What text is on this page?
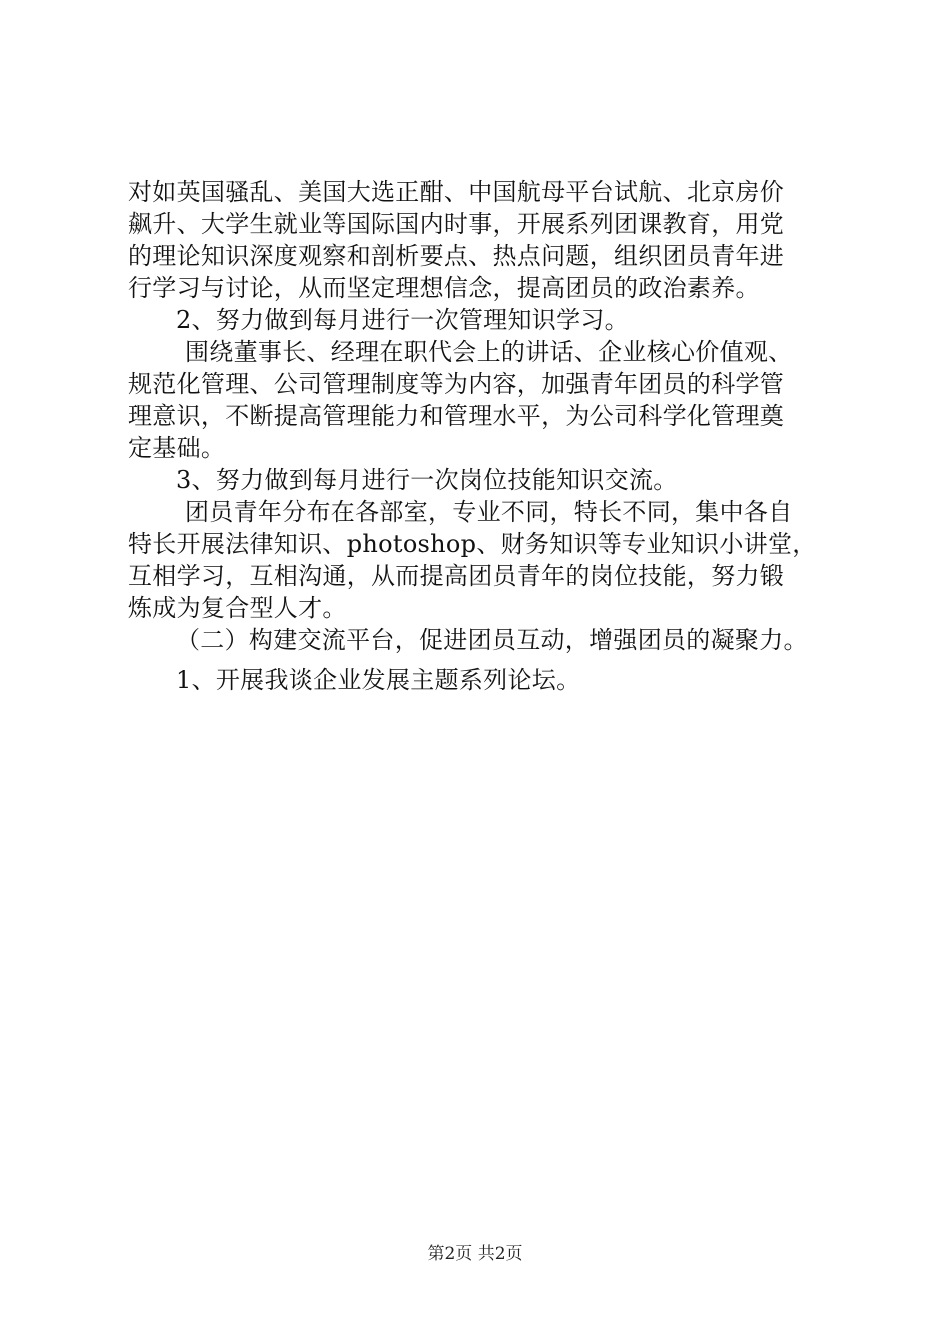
对如英国骚乱、美国大选正酣、中国航母平台试航、北京房价
飙升、大学生就业等国际国内时事，开展系列团课教育，用党
的理论知识深度观察和剖析要点、热点问题，组织团员青年进
行学习与讨论，从而坚定理想信念，提高团员的政治素养。
2、努力做到每月进行一次管理知识学习。
围绕董事长、经理在职代会上的讲话、企业核心价值观、
规范化管理、公司管理制度等为内容，加强青年团员的科学管
理意识，不断提高管理能力和管理水平，为公司科学化管理奠
定基础。
3、努力做到每月进行一次岗位技能知识交流。
团员青年分布在各部室，专业不同，特长不同，集中各自
特长开展法律知识、photoshop、财务知识等专业知识小讲堂，
互相学习，互相沟通，从而提高团员青年的岗位技能，努力锻
炼成为复合型人才。
（二）构建交流平台，促进团员互动，增强团员的凝聚力。
1、开展我谈企业发展主题系列论坛。
第2页 共2页
